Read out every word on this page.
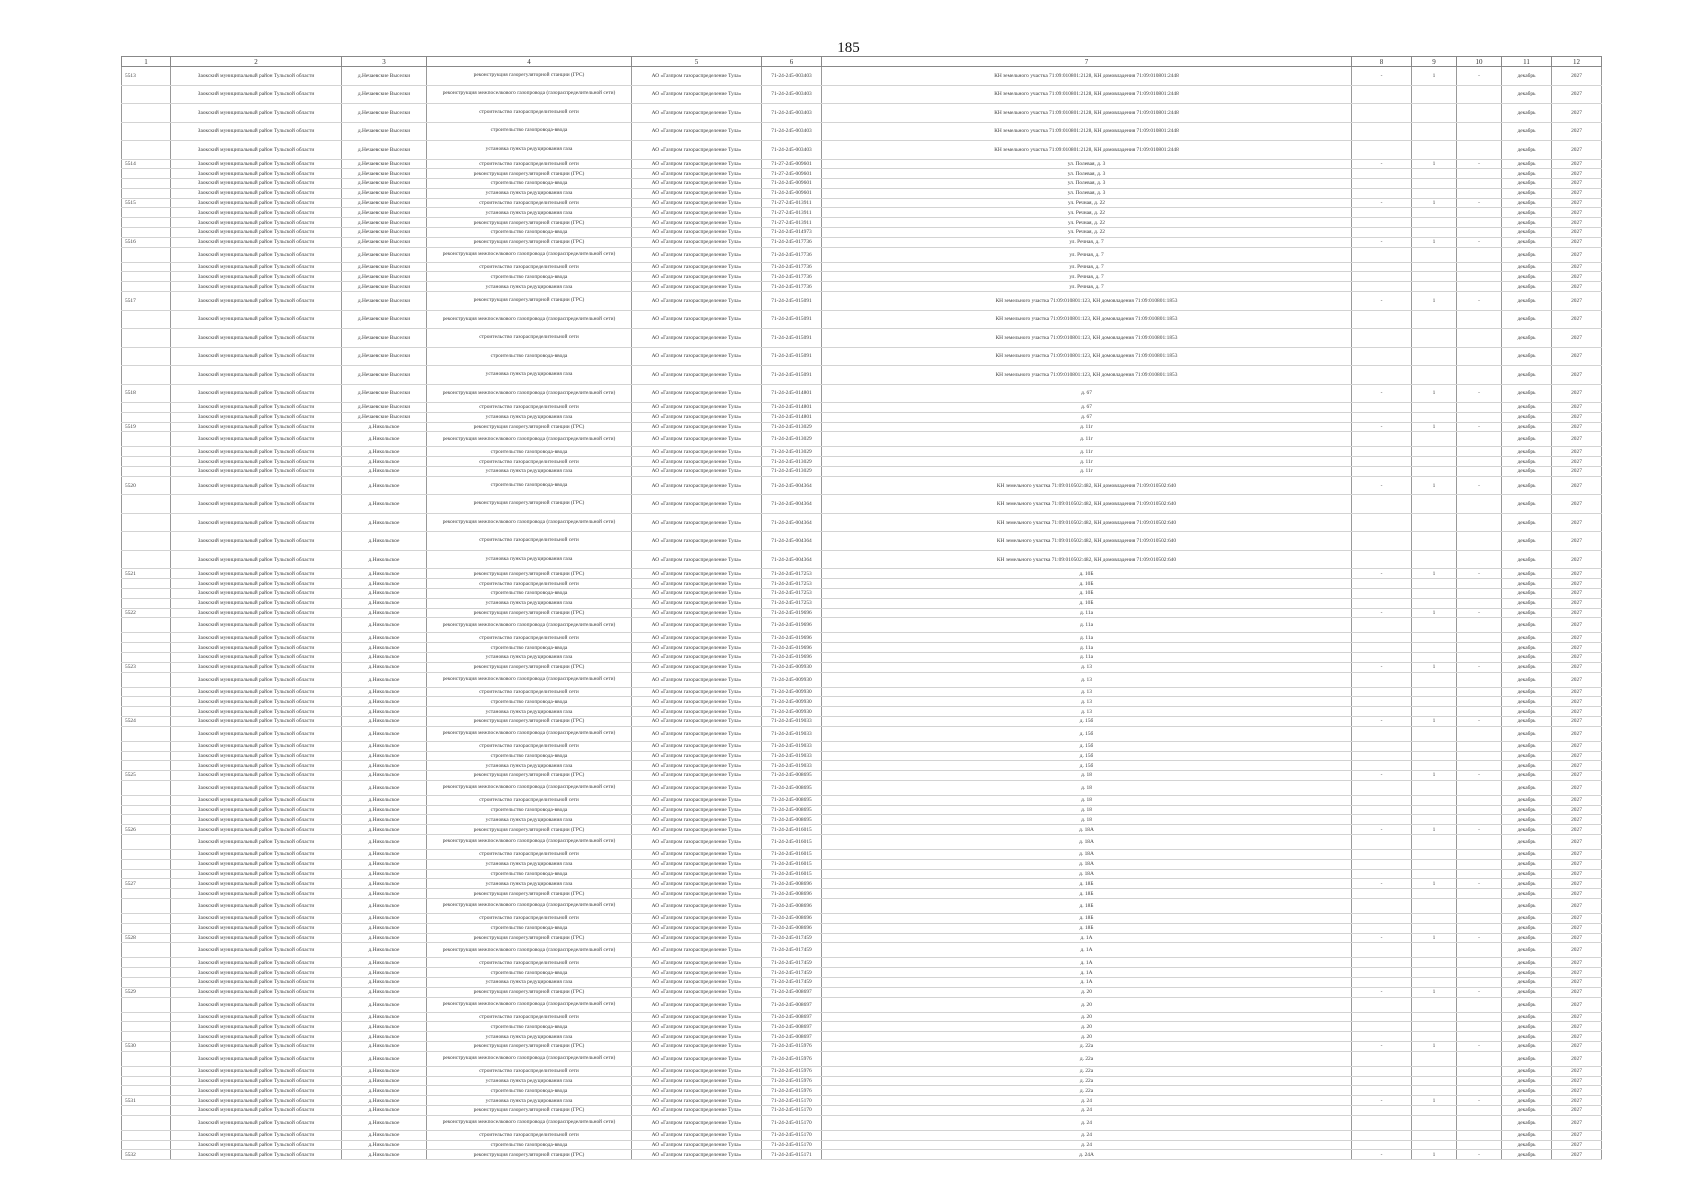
185
1	2	3	4	5	6	7	8	9	10	11	12
5513	Заокский муниципальный район Тульской области	д.Нечаевские Выселки	реконструкция газорегуляторной станции (ГРС)	АО «Газпром газораспределение Тула»	71-24-245-003403	КН земельного участка 71:09:010801:2128, КН домовладения 71:09:010801:2448	-	1	-	декабрь	2027
	Заокский муниципальный район Тульской области	д.Нечаевские Выселки	реконструкция межпоселкового газопровода (газораспределительной сети)	АО «Газпром газораспределение Тула»	71-24-245-003403	КН земельного участка 71:09:010801:2128, КН домовладения 71:09:010801:2448				декабрь	2027
	Заокский муниципальный район Тульской области	д.Нечаевские Выселки	строительство газораспределительной сети	АО «Газпром газораспределение Тула»	71-24-245-003403	КН земельного участка 71:09:010801:2128, КН домовладения 71:09:010801:2448				декабрь	2027
	Заокский муниципальный район Тульской области	д.Нечаевские Выселки	строительство газопровода-ввода	АО «Газпром газораспределение Тула»	71-24-245-003403	КН земельного участка 71:09:010801:2128, КН домовладения 71:09:010801:2448				декабрь	2027
	Заокский муниципальный район Тульской области	д.Нечаевские Выселки	установка пункта редуцирования газа	АО «Газпром газораспределение Тула»	71-24-245-003403	КН земельного участка 71:09:010801:2128, КН домовладения 71:09:010801:2448				декабрь	2027
5514	Заокский муниципальный район Тульской области	д.Нечаевские Выселки	строительство газораспределительной сети	АО «Газпром газораспределение Тула»	71-27-245-009601	ул. Полевая, д. 3	-	1	-	декабрь	2027
	Заокский муниципальный район Тульской области	д.Нечаевские Выселки	реконструкция газорегуляторной станции (ГРС)	АО «Газпром газораспределение Тула»	71-27-245-009601	ул. Полевая, д. 3				декабрь	2027
	Заокский муниципальный район Тульской области	д.Нечаевские Выселки	строительство газопровода-ввода	АО «Газпром газораспределение Тула»	71-24-245-009601	ул. Полевая, д. 3				декабрь	2027
	Заокский муниципальный район Тульской области	д.Нечаевские Выселки	установка пункта редуцирования газа	АО «Газпром газораспределение Тула»	71-24-245-009601	ул. Полевая, д. 3				декабрь	2027
5515	Заокский муниципальный район Тульской области	д.Нечаевские Выселки	строительство газораспределительной сети	АО «Газпром газораспределение Тула»	71-27-245-013911	ул. Речная, д. 22	-	1	-	декабрь	2027
	Заокский муниципальный район Тульской области	д.Нечаевские Выселки	установка пункта редуцирования газа	АО «Газпром газораспределение Тула»	71-27-245-013911	ул. Речная, д. 22				декабрь	2027
	Заокский муниципальный район Тульской области	д.Нечаевские Выселки	реконструкция газорегуляторной станции (ГРС)	АО «Газпром газораспределение Тула»	71-27-245-013911	ул. Речная, д. 22				декабрь	2027
	Заокский муниципальный район Тульской области	д.Нечаевские Выселки	строительство газопровода-ввода	АО «Газпром газораспределение Тула»	71-24-245-014973	ул. Речная, д. 22				декабрь	2027
5516	Заокский муниципальный район Тульской области	д.Нечаевские Выселки	реконструкция газорегуляторной станции (ГРС)	АО «Газпром газораспределение Тула»	71-24-245-017736	ул. Речная, д. 7	-	1	-	декабрь	2027
	Заокский муниципальный район Тульской области	д.Нечаевские Выселки	реконструкция межпоселкового газопровода (газораспределительной сети)	АО «Газпром газораспределение Тула»	71-24-245-017736	ул. Речная, д. 7				декабрь	2027
	Заокский муниципальный район Тульской области	д.Нечаевские Выселки	строительство газораспределительной сети	АО «Газпром газораспределение Тула»	71-24-245-017736	ул. Речная, д. 7				декабрь	2027
	Заокский муниципальный район Тульской области	д.Нечаевские Выселки	строительство газопровода-ввода	АО «Газпром газораспределение Тула»	71-24-245-017736	ул. Речная, д. 7				декабрь	2027
	Заокский муниципальный район Тульской области	д.Нечаевские Выселки	установка пункта редуцирования газа	АО «Газпром газораспределение Тула»	71-24-245-017736	ул. Речная, д. 7				декабрь	2027
5517	Заокский муниципальный район Тульской области	д.Нечаевские Выселки	реконструкция газорегуляторной станции (ГРС)	АО «Газпром газораспределение Тула»	71-24-245-015091	КН земельного участка 71:09:010801:123, КН домовладения 71:09:010801:1853	-	1	-	декабрь	2027
	Заокский муниципальный район Тульской области	д.Нечаевские Выселки	реконструкция межпоселкового газопровода (газораспределительной сети)	АО «Газпром газораспределение Тула»	71-24-245-015091	КН земельного участка 71:09:010801:123, КН домовладения 71:09:010801:1853				декабрь	2027
	Заокский муниципальный район Тульской области	д.Нечаевские Выселки	строительство газораспределительной сети	АО «Газпром газораспределение Тула»	71-24-245-015091	КН земельного участка 71:09:010801:123, КН домовладения 71:09:010801:1853				декабрь	2027
	Заокский муниципальный район Тульской области	д.Нечаевские Выселки	строительство газопровода-ввода	АО «Газпром газораспределение Тула»	71-24-245-015091	КН земельного участка 71:09:010801:123, КН домовладения 71:09:010801:1853				декабрь	2027
	Заокский муниципальный район Тульской области	д.Нечаевские Выселки	установка пункта редуцирования газа	АО «Газпром газораспределение Тула»	71-24-245-015091	КН земельного участка 71:09:010801:123, КН домовладения 71:09:010801:1853				декабрь	2027
5518	Заокский муниципальный район Тульской области	д.Нечаевские Выселки	реконструкция межпоселкового газопровода (газораспределительной сети)	АО «Газпром газораспределение Тула»	71-24-245-014801	д. 67	-	1	-	декабрь	2027
	Заокский муниципальный район Тульской области	д.Нечаевские Выселки	строительство газораспределительной сети	АО «Газпром газораспределение Тула»	71-24-245-014801	д. 67				декабрь	2027
	Заокский муниципальный район Тульской области	д.Нечаевские Выселки	установка пункта редуцирования газа	АО «Газпром газораспределение Тула»	71-24-245-014801	д. 67				декабрь	2027
5519	Заокский муниципальный район Тульской области	д.Никольское	реконструкция газорегуляторной станции (ГРС)	АО «Газпром газораспределение Тула»	71-24-245-013029	д. 11г	-	1	-	декабрь	2027
	Заокский муниципальный район Тульской области	д.Никольское	реконструкция межпоселкового газопровода (газораспределительной сети)	АО «Газпром газораспределение Тула»	71-24-245-013029	д. 11г				декабрь	2027
	Заокский муниципальный район Тульской области	д.Никольское	строительство газопровода-ввода	АО «Газпром газораспределение Тула»	71-24-245-013029	д. 11г				декабрь	2027
	Заокский муниципальный район Тульской области	д.Никольское	строительство газораспределительной сети	АО «Газпром газораспределение Тула»	71-24-245-013029	д. 11г				декабрь	2027
	Заокский муниципальный район Тульской области	д.Никольское	установка пункта редуцирования газа	АО «Газпром газораспределение Тула»	71-24-245-013029	д. 11г				декабрь	2027
5520	Заокский муниципальный район Тульской области	д.Никольское	строительство газопровода-ввода	АО «Газпром газораспределение Тула»	71-24-245-004364	КН земельного участка 71:09:010502:482, КН домовладения 71:09:010502:640	-	1	-	декабрь	2027
	Заокский муниципальный район Тульской области	д.Никольское	реконструкция газорегуляторной станции (ГРС)	АО «Газпром газораспределение Тула»	71-24-245-004364	КН земельного участка 71:09:010502:482, КН домовладения 71:09:010502:640				декабрь	2027
	Заокский муниципальный район Тульской области	д.Никольское	реконструкция межпоселкового газопровода (газораспределительной сети)	АО «Газпром газораспределение Тула»	71-24-245-004364	КН земельного участка 71:09:010502:482, КН домовладения 71:09:010502:640				декабрь	2027
	Заокский муниципальный район Тульской области	д.Никольское	строительство газораспределительной сети	АО «Газпром газораспределение Тула»	71-24-245-004364	КН земельного участка 71:09:010502:482, КН домовладения 71:09:010502:640				декабрь	2027
	Заокский муниципальный район Тульской области	д.Никольское	установка пункта редуцирования газа	АО «Газпром газораспределение Тула»	71-24-245-004364	КН земельного участка 71:09:010502:482, КН домовладения 71:09:010502:640				декабрь	2027
5521	Заокский муниципальный район Тульской области	д.Никольское	реконструкция газорегуляторной станции (ГРС)	АО «Газпром газораспределение Тула»	71-24-245-017253	д. 10Б	-	1	-	декабрь	2027
	Заокский муниципальный район Тульской области	д.Никольское	строительство газораспределительной сети	АО «Газпром газораспределение Тула»	71-24-245-017253	д. 10Б				декабрь	2027
	Заокский муниципальный район Тульской области	д.Никольское	строительство газопровода-ввода	АО «Газпром газораспределение Тула»	71-24-245-017253	д. 10Б				декабрь	2027
	Заокский муниципальный район Тульской области	д.Никольское	установка пункта редуцирования газа	АО «Газпром газораспределение Тула»	71-24-245-017253	д. 10Б				декабрь	2027
5522	Заокский муниципальный район Тульской области	д.Никольское	реконструкция газорегуляторной станции (ГРС)	АО «Газпром газораспределение Тула»	71-24-245-019696	д. 11а	-	1	-	декабрь	2027
	Заокский муниципальный район Тульской области	д.Никольское	реконструкция межпоселкового газопровода (газораспределительной сети)	АО «Газпром газораспределение Тула»	71-24-245-019696	д. 11а				декабрь	2027
	Заокский муниципальный район Тульской области	д.Никольское	строительство газораспределительной сети	АО «Газпром газораспределение Тула»	71-24-245-019696	д. 11а				декабрь	2027
	Заокский муниципальный район Тульской области	д.Никольское	строительство газопровода-ввода	АО «Газпром газораспределение Тула»	71-24-245-019696	д. 11а				декабрь	2027
	Заокский муниципальный район Тульской области	д.Никольское	установка пункта редуцирования газа	АО «Газпром газораспределение Тула»	71-24-245-019696	д. 11а				декабрь	2027
5523	Заокский муниципальный район Тульской области	д.Никольское	реконструкция газорегуляторной станции (ГРС)	АО «Газпром газораспределение Тула»	71-24-245-009930	д. 13	-	1	-	декабрь	2027
	Заокский муниципальный район Тульской области	д.Никольское	реконструкция межпоселкового газопровода (газораспределительной сети)	АО «Газпром газораспределение Тула»	71-24-245-009930	д. 13				декабрь	2027
	Заокский муниципальный район Тульской области	д.Никольское	строительство газораспределительной сети	АО «Газпром газораспределение Тула»	71-24-245-009930	д. 13				декабрь	2027
	Заокский муниципальный район Тульской области	д.Никольское	строительство газопровода-ввода	АО «Газпром газораспределение Тула»	71-24-245-009930	д. 13				декабрь	2027
	Заокский муниципальный район Тульской области	д.Никольское	установка пункта редуцирования газа	АО «Газпром газораспределение Тула»	71-24-245-009930	д. 13				декабрь	2027
5524	Заокский муниципальный район Тульской области	д.Никольское	реконструкция газорегуляторной станции (ГРС)	АО «Газпром газораспределение Тула»	71-24-245-019033	д. 15б	-	1	-	декабрь	2027
	Заокский муниципальный район Тульской области	д.Никольское	реконструкция межпоселкового газопровода (газораспределительной сети)	АО «Газпром газораспределение Тула»	71-24-245-019033	д. 15б				декабрь	2027
	Заокский муниципальный район Тульской области	д.Никольское	строительство газораспределительной сети	АО «Газпром газораспределение Тула»	71-24-245-019033	д. 15б				декабрь	2027
	Заокский муниципальный район Тульской области	д.Никольское	строительство газопровода-ввода	АО «Газпром газораспределение Тула»	71-24-245-019033	д. 15б				декабрь	2027
	Заокский муниципальный район Тульской области	д.Никольское	установка пункта редуцирования газа	АО «Газпром газораспределение Тула»	71-24-245-019033	д. 15б				декабрь	2027
5525	Заокский муниципальный район Тульской области	д.Никольское	реконструкция газорегуляторной станции (ГРС)	АО «Газпром газораспределение Тула»	71-24-245-008695	д. 18	-	1	-	декабрь	2027
	Заокский муниципальный район Тульской области	д.Никольское	реконструкция межпоселкового газопровода (газораспределительной сети)	АО «Газпром газораспределение Тула»	71-24-245-008695	д. 18				декабрь	2027
	Заокский муниципальный район Тульской области	д.Никольское	строительство газораспределительной сети	АО «Газпром газораспределение Тула»	71-24-245-008695	д. 18				декабрь	2027
	Заокский муниципальный район Тульской области	д.Никольское	строительство газопровода-ввода	АО «Газпром газораспределение Тула»	71-24-245-008695	д. 18				декабрь	2027
	Заокский муниципальный район Тульской области	д.Никольское	установка пункта редуцирования газа	АО «Газпром газораспределение Тула»	71-24-245-008695	д. 18				декабрь	2027
5526	Заокский муниципальный район Тульской области	д.Никольское	реконструкция газорегуляторной станции (ГРС)	АО «Газпром газораспределение Тула»	71-24-245-016015	д. 18А	-	1	-	декабрь	2027
	Заокский муниципальный район Тульской области	д.Никольское	реконструкция межпоселкового газопровода (газораспределительной сети)	АО «Газпром газораспределение Тула»	71-24-245-016015	д. 18А				декабрь	2027
	Заокский муниципальный район Тульской области	д.Никольское	строительство газораспределительной сети	АО «Газпром газораспределение Тула»	71-24-245-016015	д. 18А				декабрь	2027
	Заокский муниципальный район Тульской области	д.Никольское	установка пункта редуцирования газа	АО «Газпром газораспределение Тула»	71-24-245-016015	д. 18А				декабрь	2027
	Заокский муниципальный район Тульской области	д.Никольское	строительство газопровода-ввода	АО «Газпром газораспределение Тула»	71-24-245-016015	д. 18А				декабрь	2027
5527	Заокский муниципальный район Тульской области	д.Никольское	установка пункта редуцирования газа	АО «Газпром газораспределение Тула»	71-24-245-008696	д. 18Б	-	1	-	декабрь	2027
	Заокский муниципальный район Тульской области	д.Никольское	реконструкция газорегуляторной станции (ГРС)	АО «Газпром газораспределение Тула»	71-24-245-008696	д. 18Б				декабрь	2027
	Заокский муниципальный район Тульской области	д.Никольское	реконструкция межпоселкового газопровода (газораспределительной сети)	АО «Газпром газораспределение Тула»	71-24-245-008696	д. 18Б				декабрь	2027
	Заокский муниципальный район Тульской области	д.Никольское	строительство газораспределительной сети	АО «Газпром газораспределение Тула»	71-24-245-008696	д. 18Б				декабрь	2027
	Заокский муниципальный район Тульской области	д.Никольское	строительство газопровода-ввода	АО «Газпром газораспределение Тула»	71-24-245-008696	д. 18Б				декабрь	2027
5528	Заокский муниципальный район Тульской области	д.Никольское	реконструкция газорегуляторной станции (ГРС)	АО «Газпром газораспределение Тула»	71-24-245-017459	д. 1А	-	1	-	декабрь	2027
	Заокский муниципальный район Тульской области	д.Никольское	реконструкция межпоселкового газопровода (газораспределительной сети)	АО «Газпром газораспределение Тула»	71-24-245-017459	д. 1А				декабрь	2027
	Заокский муниципальный район Тульской области	д.Никольское	строительство газораспределительной сети	АО «Газпром газораспределение Тула»	71-24-245-017459	д. 1А				декабрь	2027
	Заокский муниципальный район Тульской области	д.Никольское	строительство газопровода-ввода	АО «Газпром газораспределение Тула»	71-24-245-017459	д. 1А				декабрь	2027
	Заокский муниципальный район Тульской области	д.Никольское	установка пункта редуцирования газа	АО «Газпром газораспределение Тула»	71-24-245-017459	д. 1А				декабрь	2027
5529	Заокский муниципальный район Тульской области	д.Никольское	реконструкция газорегуляторной станции (ГРС)	АО «Газпром газораспределение Тула»	71-24-245-008697	д. 20	-	1	-	декабрь	2027
	Заокский муниципальный район Тульской области	д.Никольское	реконструкция межпоселкового газопровода (газораспределительной сети)	АО «Газпром газораспределение Тула»	71-24-245-008697	д. 20				декабрь	2027
	Заокский муниципальный район Тульской области	д.Никольское	строительство газораспределительной сети	АО «Газпром газораспределение Тула»	71-24-245-008697	д. 20				декабрь	2027
	Заокский муниципальный район Тульской области	д.Никольское	строительство газопровода-ввода	АО «Газпром газораспределение Тула»	71-24-245-008697	д. 20				декабрь	2027
	Заокский муниципальный район Тульской области	д.Никольское	установка пункта редуцирования газа	АО «Газпром газораспределение Тула»	71-24-245-008697	д. 20				декабрь	2027
5530	Заокский муниципальный район Тульской области	д.Никольское	реконструкция газорегуляторной станции (ГРС)	АО «Газпром газораспределение Тула»	71-24-245-015976	д. 22а	-	1	-	декабрь	2027
	Заокский муниципальный район Тульской области	д.Никольское	реконструкция межпоселкового газопровода (газораспределительной сети)	АО «Газпром газораспределение Тула»	71-24-245-015976	д. 22а				декабрь	2027
	Заокский муниципальный район Тульской области	д.Никольское	строительство газораспределительной сети	АО «Газпром газораспределение Тула»	71-24-245-015976	д. 22а				декабрь	2027
	Заокский муниципальный район Тульской области	д.Никольское	установка пункта редуцирования газа	АО «Газпром газораспределение Тула»	71-24-245-015976	д. 22а				декабрь	2027
	Заокский муниципальный район Тульской области	д.Никольское	строительство газопровода-ввода	АО «Газпром газораспределение Тула»	71-24-245-015976	д. 22а				декабрь	2027
5531	Заокский муниципальный район Тульской области	д.Никольское	установка пункта редуцирования газа	АО «Газпром газораспределение Тула»	71-24-245-015170	д. 24	-	1	-	декабрь	2027
	Заокский муниципальный район Тульской области	д.Никольское	реконструкция газорегуляторной станции (ГРС)	АО «Газпром газораспределение Тула»	71-24-245-015170	д. 24				декабрь	2027
	Заокский муниципальный район Тульской области	д.Никольское	реконструкция межпоселкового газопровода (газораспределительной сети)	АО «Газпром газораспределение Тула»	71-24-245-015170	д. 24				декабрь	2027
	Заокский муниципальный район Тульской области	д.Никольское	строительство газораспределительной сети	АО «Газпром газораспределение Тула»	71-24-245-015170	д. 24				декабрь	2027
	Заокский муниципальный район Тульской области	д.Никольское	строительство газопровода-ввода	АО «Газпром газораспределение Тула»	71-24-245-015170	д. 24				декабрь	2027
5532	Заокский муниципальный район Тульской области	д.Никольское	реконструкция газорегуляторной станции (ГРС)	АО «Газпром газораспределение Тула»	71-24-245-015171	д. 24А	-	1	-	декабрь	2027
